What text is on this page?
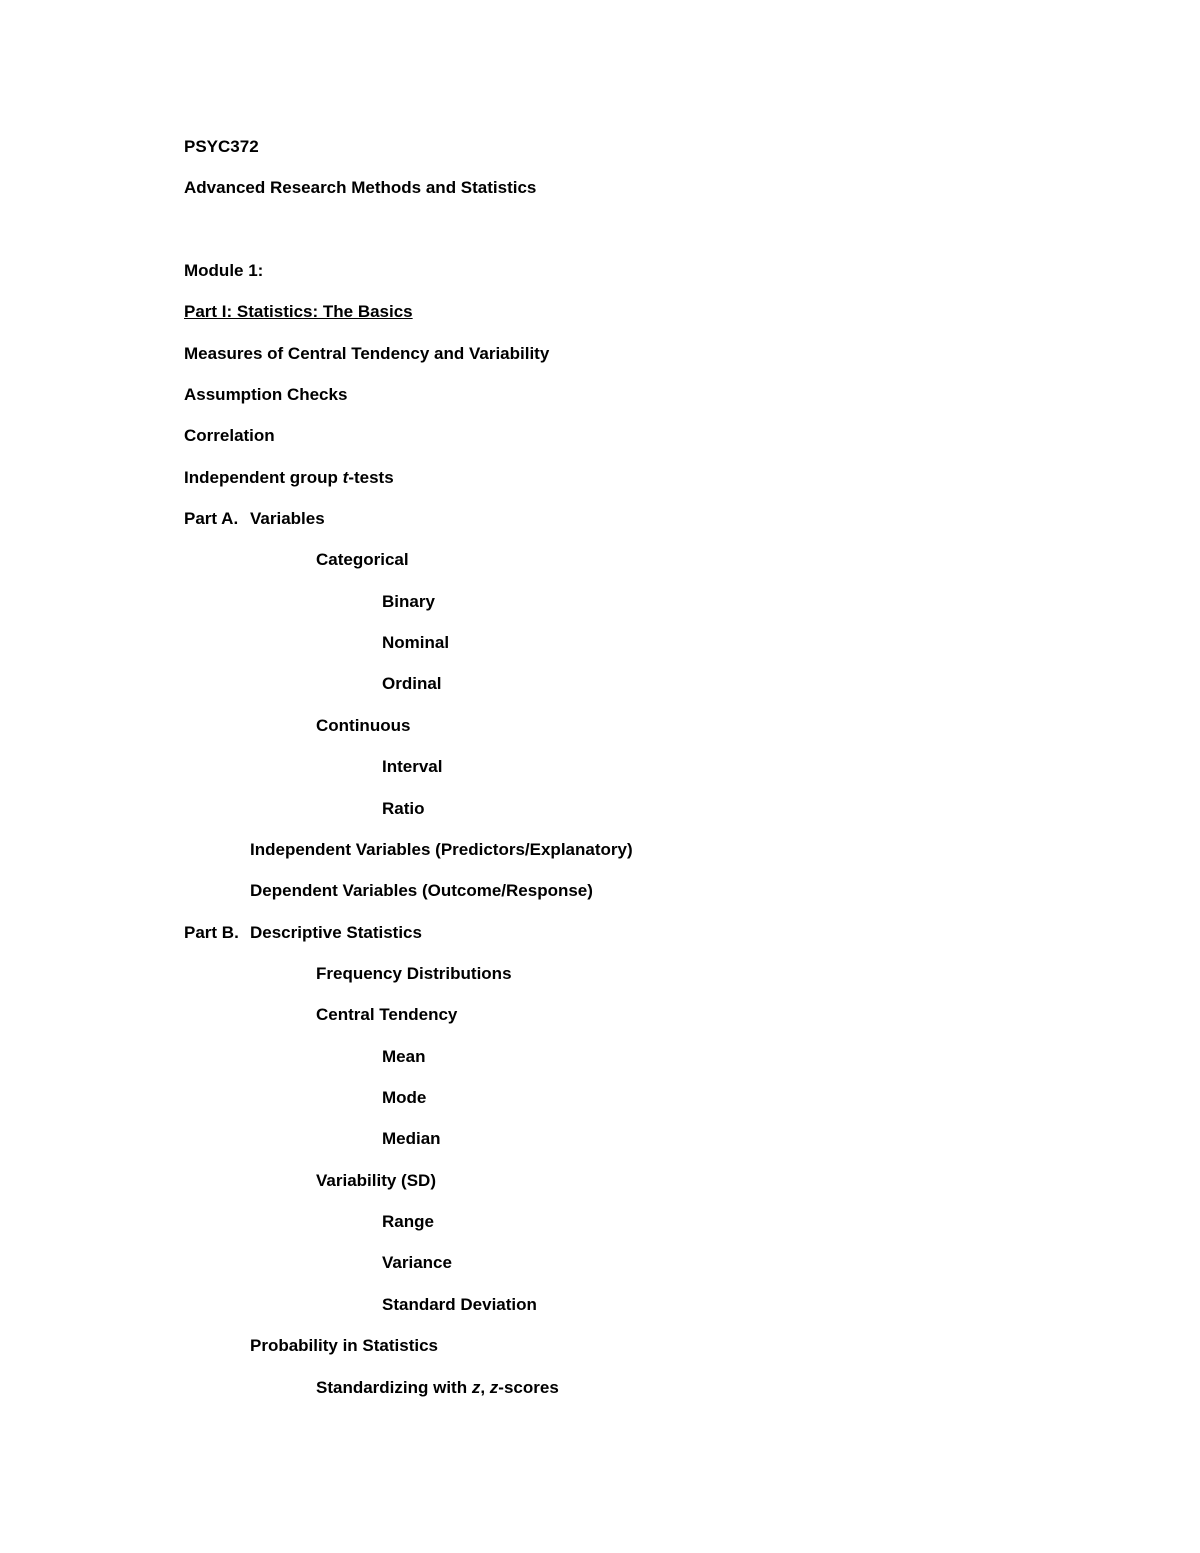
PSYC372
Advanced Research Methods and Statistics
Module 1:
Part I: Statistics: The Basics
Measures of Central Tendency and Variability
Assumption Checks
Correlation
Independent group t-tests
Part A. Variables
Categorical
Binary
Nominal
Ordinal
Continuous
Interval
Ratio
Independent Variables (Predictors/Explanatory)
Dependent Variables (Outcome/Response)
Part B. Descriptive Statistics
Frequency Distributions
Central Tendency
Mean
Mode
Median
Variability (SD)
Range
Variance
Standard Deviation
Probability in Statistics
Standardizing with z, z-scores
